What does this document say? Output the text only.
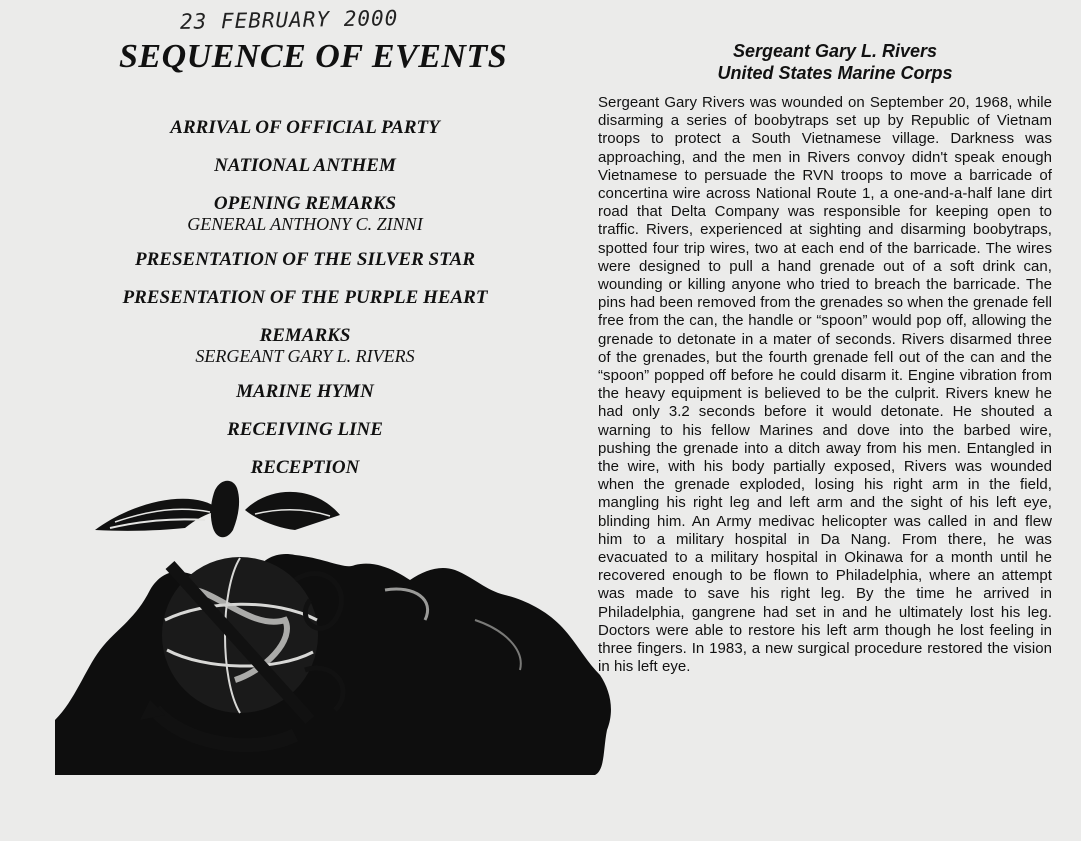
23 FEBRUARY 2000
SEQUENCE OF EVENTS
ARRIVAL OF OFFICIAL PARTY
NATIONAL ANTHEM
OPENING REMARKS
GENERAL ANTHONY C. ZINNI
PRESENTATION OF THE SILVER STAR
PRESENTATION OF THE PURPLE HEART
REMARKS
SERGEANT GARY L. RIVERS
MARINE HYMN
RECEIVING LINE
RECEPTION

Sergeant Gary L. Rivers

United States Marine Corps

Sergeant Gary Rivers was wounded on September 20, 1968, while disarming a series of boobytraps set up by Republic of Vietnam troops to protect a South Vietnamese village. Darkness was approaching, and the men in Rivers convoy didn't speak enough Vietnamese to persuade the RVN troops to move a barricade of concertina wire across National Route 1, a one-and-a-half lane dirt road that Delta Company was responsible for keeping open to traffic. Rivers, experienced at sighting and disarming boobytraps, spotted four trip wires, two at each end of the barricade. The wires were designed to pull a hand grenade out of a soft drink can, wounding or killing anyone who tried to breach the barricade. The pins had been removed from the grenades so when the grenade fell free from the can, the handle or “spoon” would pop off, allowing the grenade to detonate in a mater of seconds. Rivers disarmed three of the grenades, but the fourth grenade fell out of the can and the “spoon” popped off before he could disarm it. Engine vibration from the heavy equipment is believed to be the culprit. Rivers knew he had only 3.2 seconds before it would detonate. He shouted a warning to his fellow Marines and dove into the barbed wire, pushing the grenade into a ditch away from his men. Entangled in the wire, with his body partially exposed, Rivers was wounded when the grenade exploded, losing his right arm in the field, mangling his right leg and left arm and the sight of his left eye, blinding him. An Army medivac helicopter was called in and flew him to a military hospital in Da Nang. From there, he was evacuated to a military hospital in Okinawa for a month until he recovered enough to be flown to Philadelphia, where an attempt was made to save his right leg. By the time he arrived in Philadelphia, gangrene had set in and he ultimately lost his leg. Doctors were able to restore his left arm though he lost feeling in three fingers. In 1983, a new surgical procedure restored the vision in his left eye.
